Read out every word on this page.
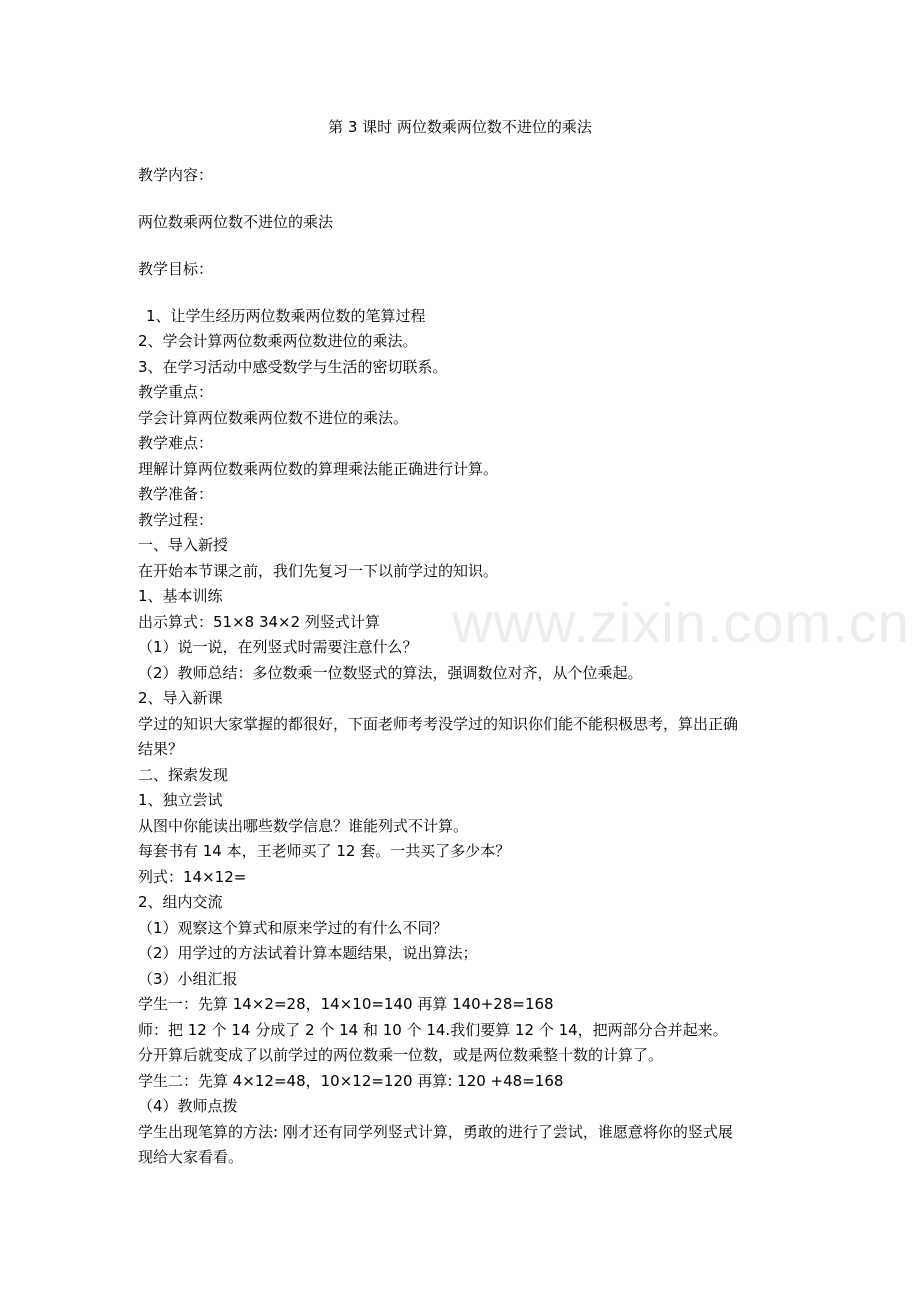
www.zixin.com.cn
第 3 课时 两位数乘两位数不进位的乘法
教学内容：
两位数乘两位数不进位的乘法
教学目标：
1、让学生经历两位数乘两位数的笔算过程
2、学会计算两位数乘两位数进位的乘法。
3、在学习活动中感受数学与生活的密切联系。
教学重点：
学会计算两位数乘两位数不进位的乘法。
教学难点：
理解计算两位数乘两位数的算理乘法能正确进行计算。
教学准备：
教学过程：
一、导入新授
在开始本节课之前，我们先复习一下以前学过的知识。
1、基本训练
出示算式：51×8 34×2 列竖式计算
（1）说一说，在列竖式时需要注意什么？
（2）教师总结：多位数乘一位数竖式的算法，强调数位对齐，从个位乘起。
2、导入新课
学过的知识大家掌握的都很好，下面老师考考没学过的知识你们能不能积极思考，算出正确
结果？
二、探索发现
1、独立尝试
从图中你能读出哪些数学信息？谁能列式不计算。
每套书有 14 本，王老师买了 12 套。一共买了多少本？
列式：14×12=
2、组内交流
（1）观察这个算式和原来学过的有什么不同？
（2）用学过的方法试着计算本题结果，说出算法；
（3）小组汇报
学生一：先算 14×2=28，14×10=140 再算 140+28=168
师：把 12 个 14 分成了 2 个 14 和 10 个 14.我们要算 12 个 14，把两部分合并起来。
分开算后就变成了以前学过的两位数乘一位数，或是两位数乘整十数的计算了。
学生二：先算 4×12=48，10×12=120 再算: 120 +48=168
（4）教师点拨
学生出现笔算的方法: 刚才还有同学列竖式计算，勇敢的进行了尝试，谁愿意将你的竖式展
现给大家看看。
